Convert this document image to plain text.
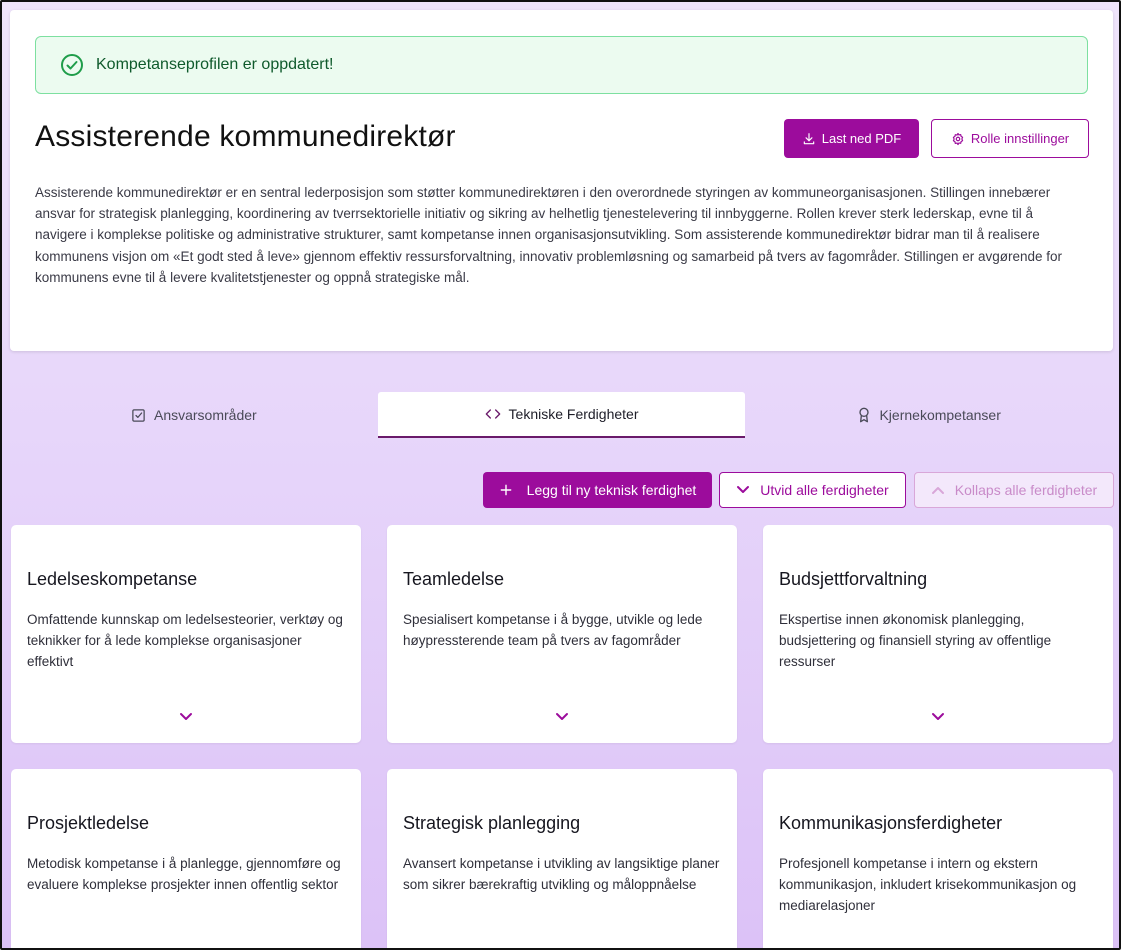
Kompetanseprofilen er oppdatert!
Assisterende kommunedirektør	Last ned PDF	Rolle innstillinger

Assisterende kommunedirektør er en sentral lederposisjon som støtter kommunedirektøren i den overordnede styringen av kommuneorganisasjonen. Stillingen innebærer ansvar for strategisk planlegging, koordinering av tverrsektorielle initiativ og sikring av helhetlig tjenestelevering til innbyggerne. Rollen krever sterk lederskap, evne til å navigere i komplekse politiske og administrative strukturer, samt kompetanse innen organisasjonsutvikling. Som assisterende kommunedirektør bidrar man til å realisere kommunens visjon om «Et godt sted å leve» gjennom effektiv ressursforvaltning, innovativ problemløsning og samarbeid på tvers av fagområder. Stillingen er avgørende for kommunens evne til å levere kvalitetstjenester og oppnå strategiske mål.

Ansvarsområder	Tekniske Ferdigheter	Kjernekompetanser
Legg til ny teknisk ferdighet	Utvid alle ferdigheter	Kollaps alle ferdigheter
Ledelseskompetanse
Omfattende kunnskap om ledelsesteorier, verktøy og teknikker for å lede komplekse organisasjoner effektivt
Teamledelse
Spesialisert kompetanse i å bygge, utvikle og lede høypressterende team på tvers av fagområder
Budsjettforvaltning
Ekspertise innen økonomisk planlegging, budsjettering og finansiell styring av offentlige ressurser
Prosjektledelse
Metodisk kompetanse i å planlegge, gjennomføre og evaluere komplekse prosjekter innen offentlig sektor
Strategisk planlegging
Avansert kompetanse i utvikling av langsiktige planer som sikrer bærekraftig utvikling og måloppnåelse
Kommunikasjonsferdigheter
Profesjonell kompetanse i intern og ekstern kommunikasjon, inkludert krisekommunikasjon og mediarelasjoner
